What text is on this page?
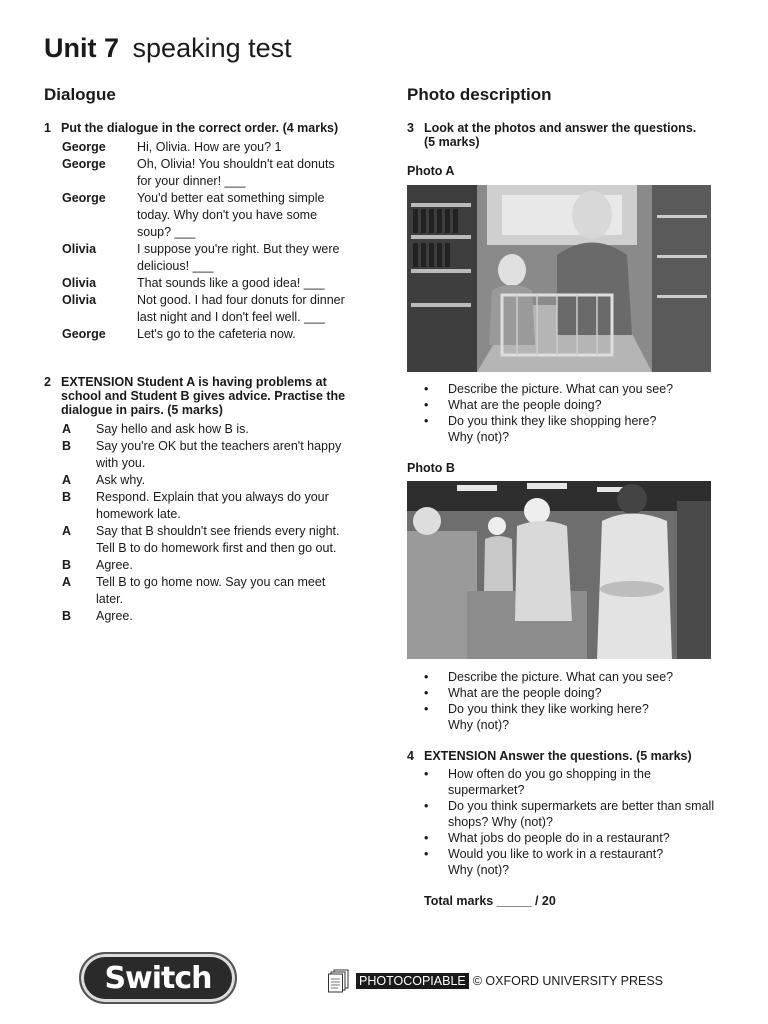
Unit 7 speaking test
Dialogue
1 Put the dialogue in the correct order. (4 marks)
George	Hi, Olivia. How are you? 1
George	Oh, Olivia! You shouldn't eat donuts
for your dinner! ___
George	You'd better eat something simple
today. Why don't you have some
soup? ___
Olivia	I suppose you're right. But they were
delicious! ___
Olivia	That sounds like a good idea! ___
Olivia	Not good. I had four donuts for dinner
last night and I don't feel well. ___
George	Let's go to the cafeteria now.
2 EXTENSION Student A is having problems at
school and Student B gives advice. Practise the
dialogue in pairs. (5 marks)
A	Say hello and ask how B is.
B	Say you're OK but the teachers aren't happy
with you.
A	Ask why.
B	Respond. Explain that you always do your
homework late.
A	Say that B shouldn't see friends every night.
Tell B to do homework first and then go out.
B	Agree.
A	Tell B to go home now. Say you can meet
later.
B	Agree.
Photo description
3 Look at the photos and answer the questions.
(5 marks)
Photo A
• Describe the picture. What can you see?
• What are the people doing?
• Do you think they like shopping here?
Why (not)?
Photo B
• Describe the picture. What can you see?
• What are the people doing?
• Do you think they like working here?
Why (not)?
4 EXTENSION Answer the questions. (5 marks)
• How often do you go shopping in the
supermarket?
• Do you think supermarkets are better than small
shops? Why (not)?
• What jobs do people do in a restaurant?
• Would you like to work in a restaurant?
Why (not)?
Total marks _____ / 20
Switch	PHOTOCOPIABLE © OXFORD UNIVERSITY PRESS
